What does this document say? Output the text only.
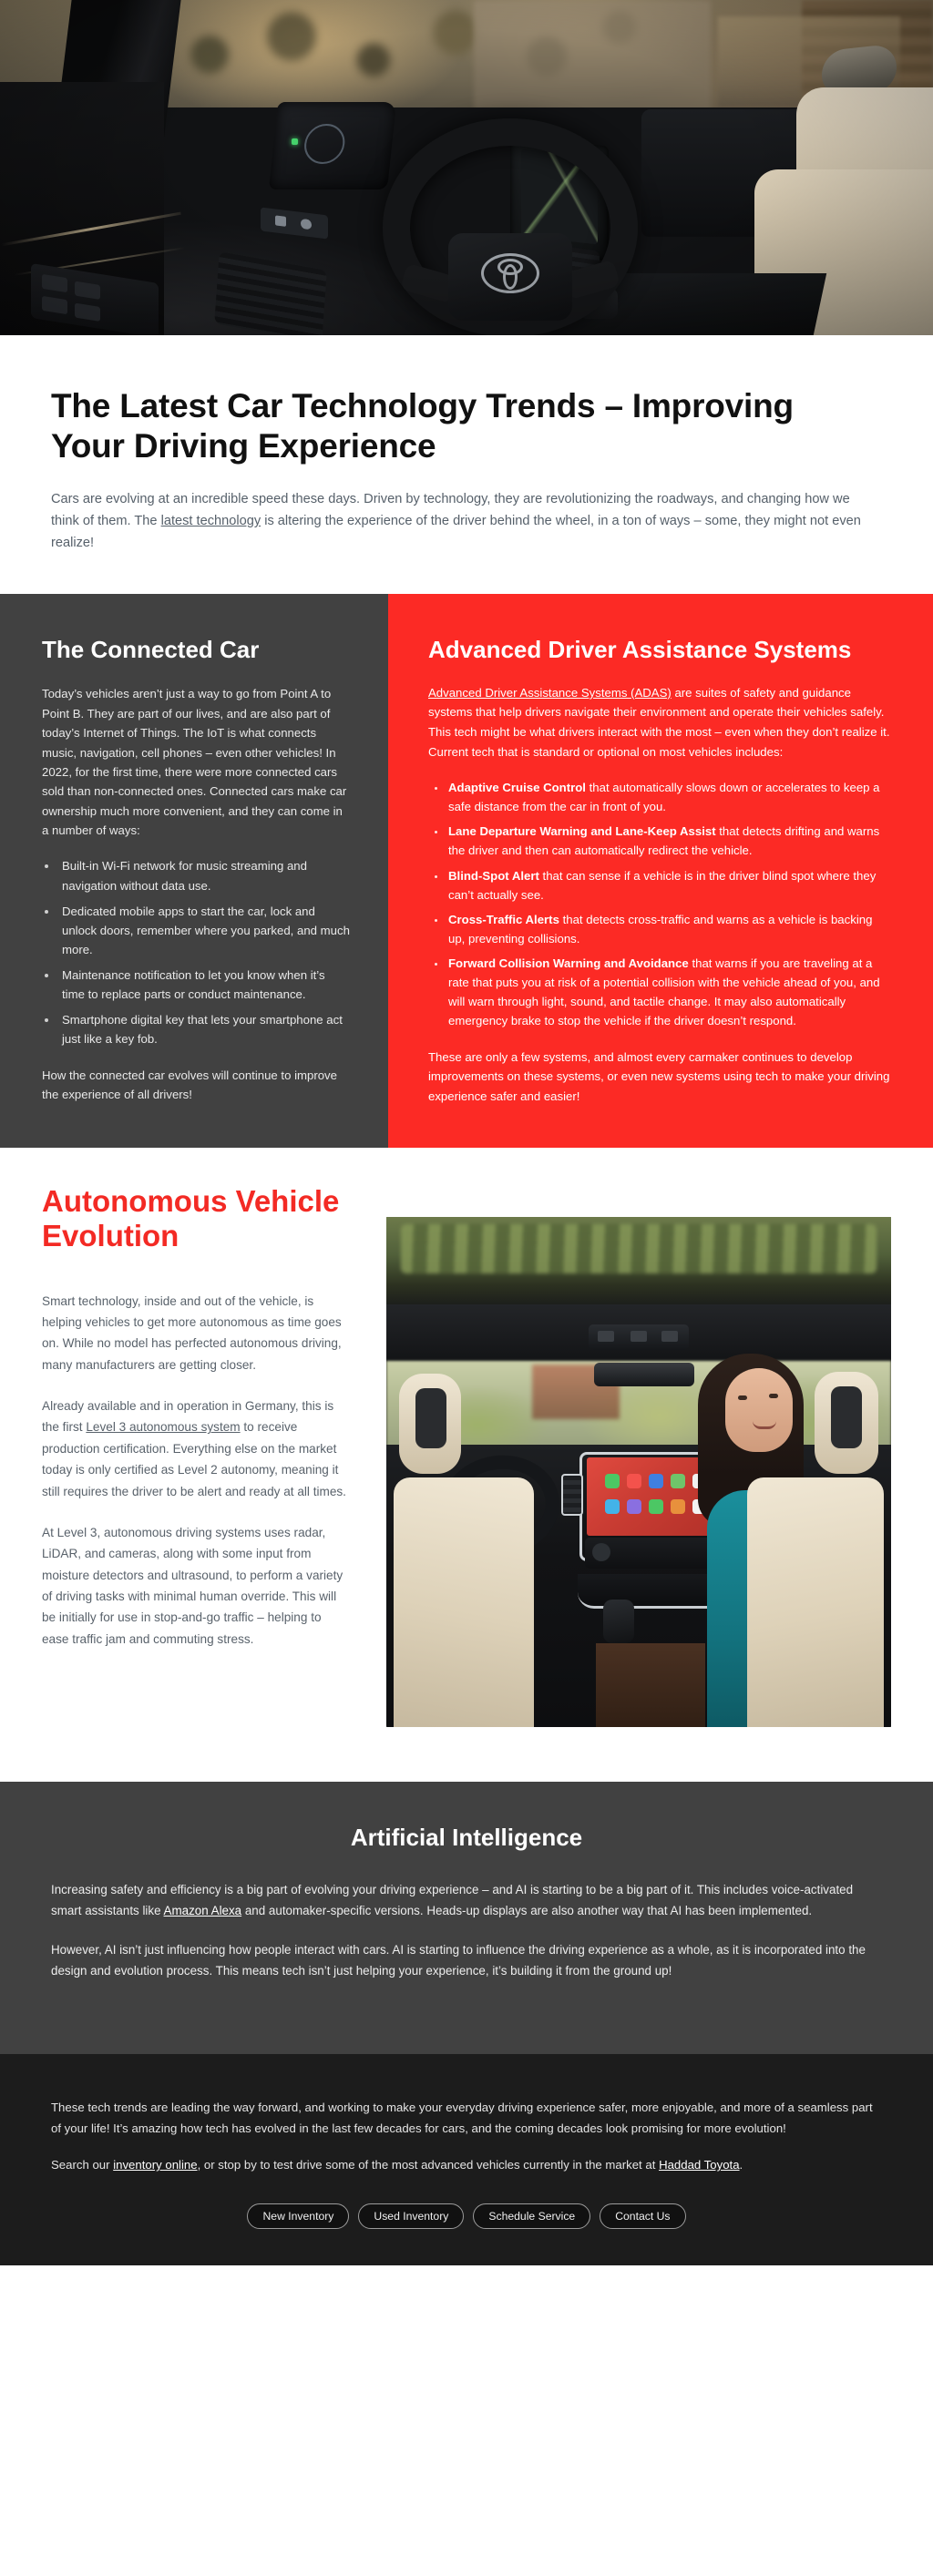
The Latest Car Technology Trends – Improving Your Driving Experience

Cars are evolving at an incredible speed these days. Driven by technology, they are revolutionizing the roadways, and changing how we think of them. The latest technology is altering the experience of the driver behind the wheel, in a ton of ways – some, they might not even realize!

The Connected Car

Today’s vehicles aren’t just a way to go from Point A to Point B. They are part of our lives, and are also part of today’s Internet of Things. The IoT is what connects music, navigation, cell phones – even other vehicles! In 2022, for the first time, there were more connected cars sold than non-connected ones. Connected cars make car ownership much more convenient, and they can come in a number of ways:

• Built-in Wi-Fi network for music streaming and navigation without data use.
• Dedicated mobile apps to start the car, lock and unlock doors, remember where you parked, and much more.
• Maintenance notification to let you know when it’s time to replace parts or conduct maintenance.
• Smartphone digital key that lets your smartphone act just like a key fob.

How the connected car evolves will continue to improve the experience of all drivers!

Advanced Driver Assistance Systems

Advanced Driver Assistance Systems (ADAS) are suites of safety and guidance systems that help drivers navigate their environment and operate their vehicles safely. This tech might be what drivers interact with the most – even when they don’t realize it. Current tech that is standard or optional on most vehicles includes:

• Adaptive Cruise Control that automatically slows down or accelerates to keep a safe distance from the car in front of you.
• Lane Departure Warning and Lane-Keep Assist that detects drifting and warns the driver and then can automatically redirect the vehicle.
• Blind-Spot Alert that can sense if a vehicle is in the driver blind spot where they can’t actually see.
• Cross-Traffic Alerts that detects cross-traffic and warns as a vehicle is backing up, preventing collisions.
• Forward Collision Warning and Avoidance that warns if you are traveling at a rate that puts you at risk of a potential collision with the vehicle ahead of you, and will warn through light, sound, and tactile change. It may also automatically emergency brake to stop the vehicle if the driver doesn’t respond.

These are only a few systems, and almost every carmaker continues to develop improvements on these systems, or even new systems using tech to make your driving experience safer and easier!

Autonomous Vehicle Evolution

Smart technology, inside and out of the vehicle, is helping vehicles to get more autonomous as time goes on. While no model has perfected autonomous driving, many manufacturers are getting closer.

Already available and in operation in Germany, this is the first Level 3 autonomous system to receive production certification. Everything else on the market today is only certified as Level 2 autonomy, meaning it still requires the driver to be alert and ready at all times.

At Level 3, autonomous driving systems uses radar, LiDAR, and cameras, along with some input from moisture detectors and ultrasound, to perform a variety of driving tasks with minimal human override. This will be initially for use in stop-and-go traffic – helping to ease traffic jam and commuting stress.

Artificial Intelligence

Increasing safety and efficiency is a big part of evolving your driving experience – and AI is starting to be a big part of it. This includes voice-activated smart assistants like Amazon Alexa and automaker-specific versions. Heads-up displays are also another way that AI has been implemented.

However, AI isn’t just influencing how people interact with cars. AI is starting to influence the driving experience as a whole, as it is incorporated into the design and evolution process. This means tech isn’t just helping your experience, it’s building it from the ground up!

These tech trends are leading the way forward, and working to make your everyday driving experience safer, more enjoyable, and more of a seamless part of your life! It’s amazing how tech has evolved in the last few decades for cars, and the coming decades look promising for more evolution!

Search our inventory online, or stop by to test drive some of the most advanced vehicles currently in the market at Haddad Toyota.

New Inventory	Used Inventory	Schedule Service	Contact Us
